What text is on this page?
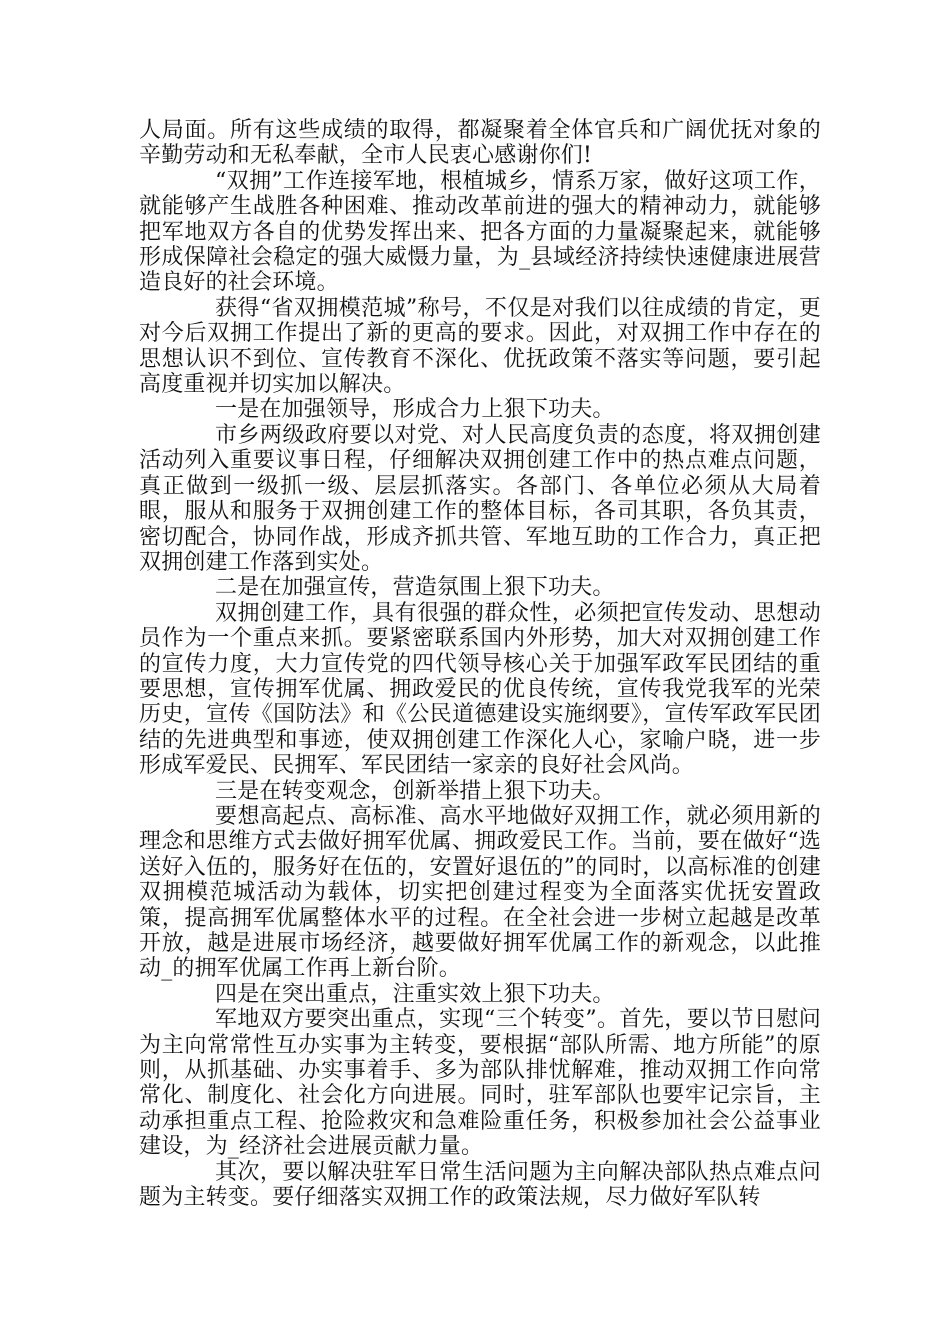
人局面。所有这些成绩的取得，都凝聚着全体官兵和广阔优抚对象的辛勤劳动和无私奉献，全市人民衷心感谢你们!

“双拥”工作连接军地，根植城乡，情系万家，做好这项工作，就能够产生战胜各种困难、推动改革前进的强大的精神动力，就能够把军地双方各自的优势发挥出来、把各方面的力量凝聚起来，就能够形成保障社会稳定的强大威慑力量，为_县域经济持续快速健康进展营造良好的社会环境。

获得“省双拥模范城”称号，不仅是对我们以往成绩的肯定，更对今后双拥工作提出了新的更高的要求。因此，对双拥工作中存在的思想认识不到位、宣传教育不深化、优抚政策不落实等问题，要引起高度重视并切实加以解决。

一是在加强领导，形成合力上狠下功夫。

市乡两级政府要以对党、对人民高度负责的态度，将双拥创建活动列入重要议事日程，仔细解决双拥创建工作中的热点难点问题，真正做到一级抓一级、层层抓落实。各部门、各单位必须从大局着眼，服从和服务于双拥创建工作的整体目标，各司其职，各负其责，密切配合，协同作战，形成齐抓共管、军地互助的工作合力，真正把双拥创建工作落到实处。

二是在加强宣传，营造氛围上狠下功夫。

双拥创建工作，具有很强的群众性，必须把宣传发动、思想动员作为一个重点来抓。要紧密联系国内外形势，加大对双拥创建工作的宣传力度，大力宣传党的四代领导核心关于加强军政军民团结的重要思想，宣传拥军优属、拥政爱民的优良传统，宣传我党我军的光荣历史，宣传《国防法》和《公民道德建设实施纲要》，宣传军政军民团结的先进典型和事迹，使双拥创建工作深化人心，家喻户晓，进一步形成军爱民、民拥军、军民团结一家亲的良好社会风尚。

三是在转变观念，创新举措上狠下功夫。

要想高起点、高标准、高水平地做好双拥工作，就必须用新的理念和思维方式去做好拥军优属、拥政爱民工作。当前，要在做好“选送好入伍的，服务好在伍的，安置好退伍的”的同时，以高标准的创建双拥模范城活动为载体，切实把创建过程变为全面落实优抚安置政策，提高拥军优属整体水平的过程。在全社会进一步树立起越是改革开放，越是进展市场经济，越要做好拥军优属工作的新观念，以此推动_的拥军优属工作再上新台阶。

四是在突出重点，注重实效上狠下功夫。

军地双方要突出重点，实现“三个转变”。首先，要以节日慰问为主向常常性互办实事为主转变，要根据“部队所需、地方所能”的原则，从抓基础、办实事着手、多为部队排忧解难，推动双拥工作向常常化、制度化、社会化方向进展。同时，驻军部队也要牢记宗旨，主动承担重点工程、抢险救灾和急难险重任务，积极参加社会公益事业建设，为_经济社会进展贡献力量。

其次，要以解决驻军日常生活问题为主向解决部队热点难点问题为主转变。要仔细落实双拥工作的政策法规，尽力做好军队转
